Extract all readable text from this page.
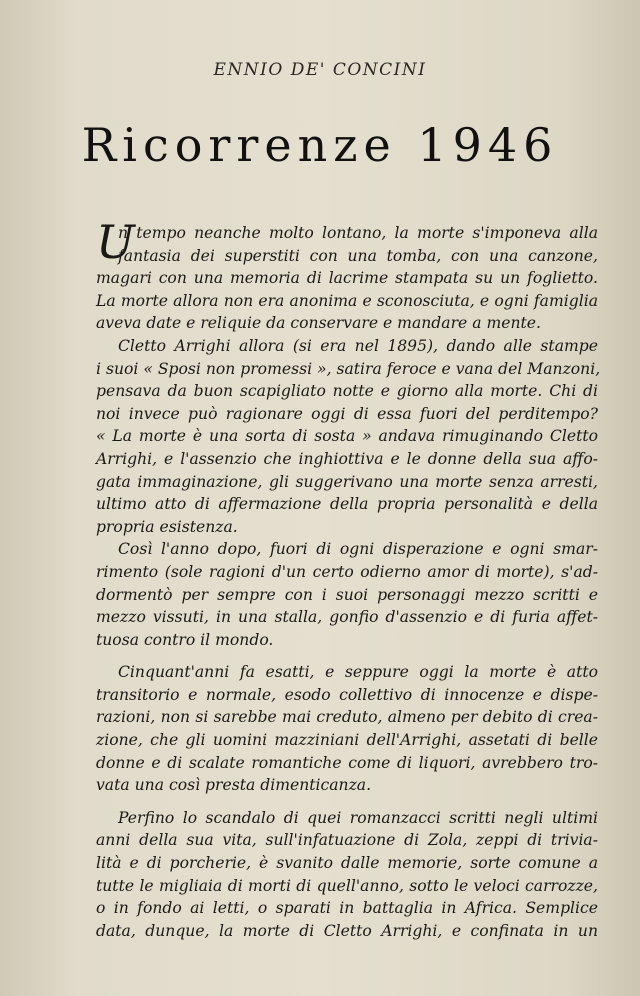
ENNIO DE' CONCINI
Ricorrenze 1946
U
n tempo neanche molto lontano, la morte s'imponeva alla
fantasia dei superstiti con una tomba, con una canzone,
magari con una memoria di lacrime stampata su un foglietto.
La morte allora non era anonima e sconosciuta, e ogni famiglia
aveva date e reliquie da conservare e mandare a mente.
Cletto Arrighi allora (si era nel 1895), dando alle stampe
i suoi « Sposi non promessi », satira feroce e vana del Manzoni,
pensava da buon scapigliato notte e giorno alla morte. Chi di
noi invece può ragionare oggi di essa fuori del perditempo?
« La morte è una sorta di sosta » andava rimuginando Cletto
Arrighi, e l'assenzio che inghiottiva e le donne della sua affo-
gata immaginazione, gli suggerivano una morte senza arresti,
ultimo atto di affermazione della propria personalità e della
propria esistenza.
Così l'anno dopo, fuori di ogni disperazione e ogni smar-
rimento (sole ragioni d'un certo odierno amor di morte), s'ad-
dormentò per sempre con i suoi personaggi mezzo scritti e
mezzo vissuti, in una stalla, gonfio d'assenzio e di furia affet-
tuosa contro il mondo.
Cinquant'anni fa esatti, e seppure oggi la morte è atto
transitorio e normale, esodo collettivo di innocenze e dispe-
razioni, non si sarebbe mai creduto, almeno per debito di crea-
zione, che gli uomini mazziniani dell'Arrighi, assetati di belle
donne e di scalate romantiche come di liquori, avrebbero tro-
vata una così presta dimenticanza.
Perfino lo scandalo di quei romanzacci scritti negli ultimi
anni della sua vita, sull'infatuazione di Zola, zeppi di trivia-
lità e di porcherie, è svanito dalle memorie, sorte comune a
tutte le migliaia di morti di quell'anno, sotto le veloci carrozze,
o in fondo ai letti, o sparati in battaglia in Africa. Semplice
data, dunque, la morte di Cletto Arrighi, e confinata in un
